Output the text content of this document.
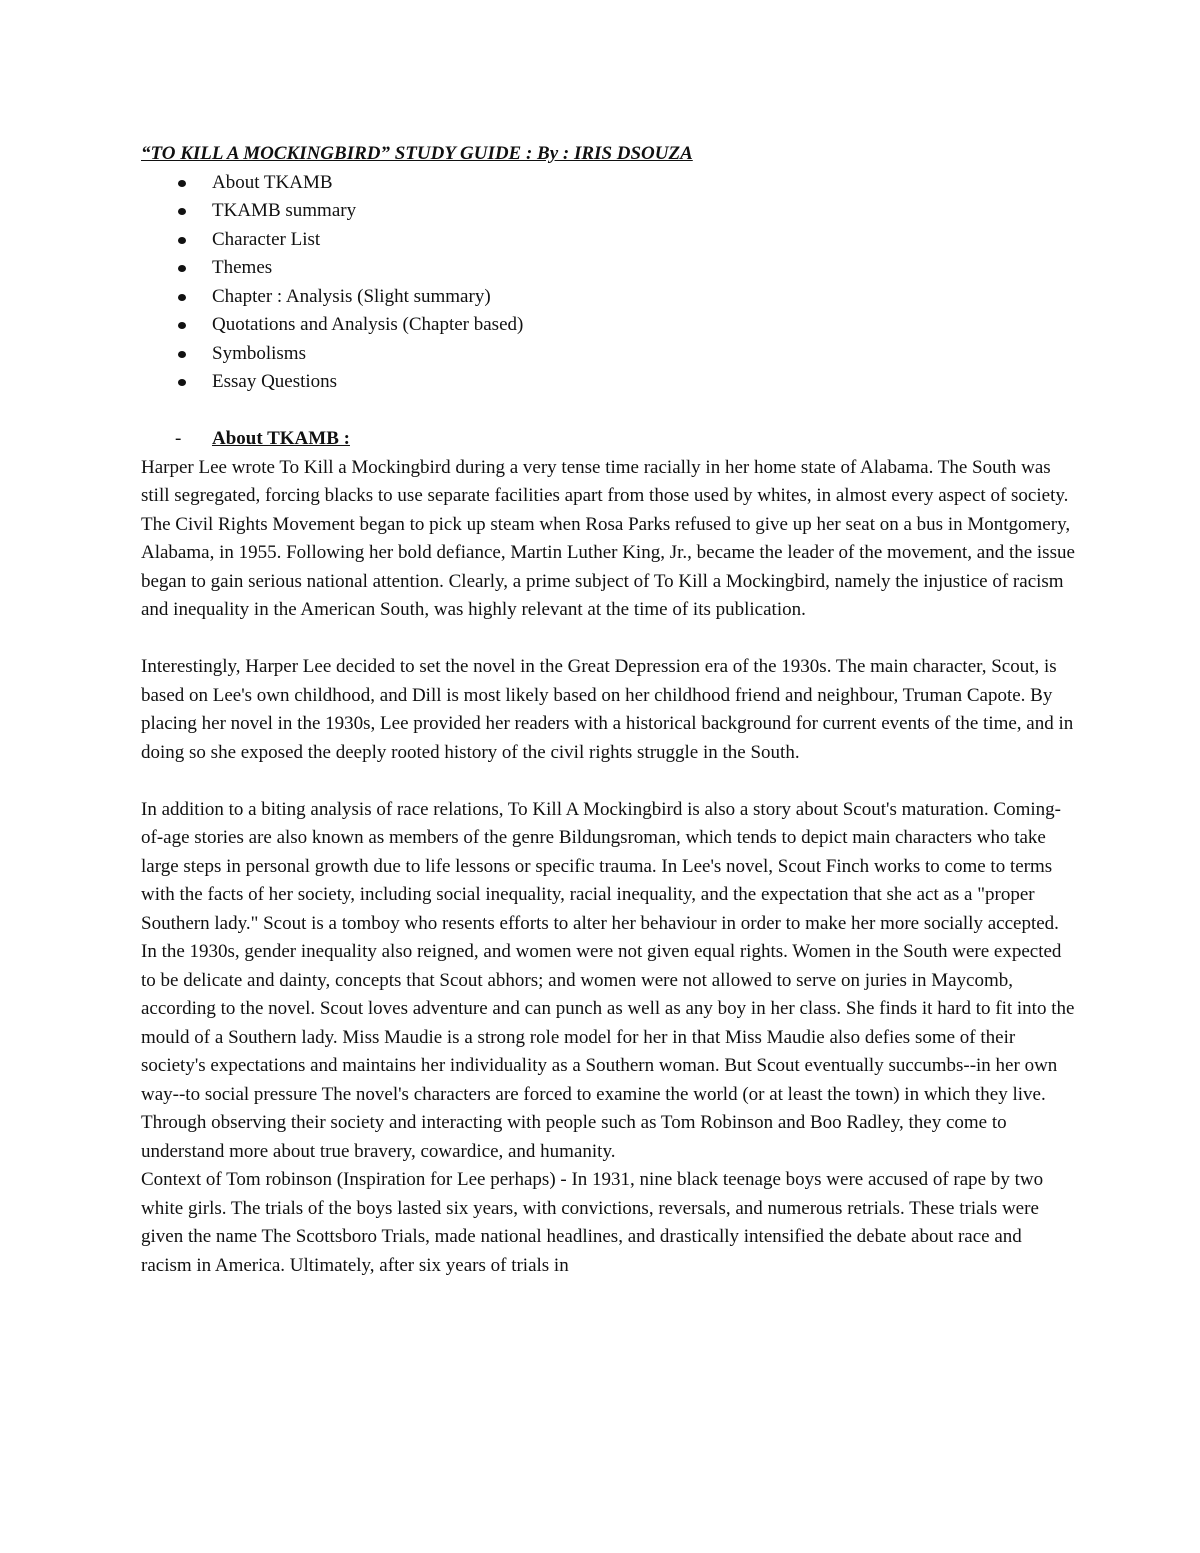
“TO KILL A MOCKINGBIRD” STUDY GUIDE : By : IRIS DSOUZA

About TKAMB
TKAMB summary
Character List
Themes
Chapter : Analysis (Slight summary)
Quotations and Analysis (Chapter based)
Symbolisms
Essay Questions
- About TKAMB :

Harper Lee wrote To Kill a Mockingbird during a very tense time racially in her home state of Alabama. The South was still segregated, forcing blacks to use separate facilities apart from those used by whites, in almost every aspect of society. The Civil Rights Movement began to pick up steam when Rosa Parks refused to give up her seat on a bus in Montgomery, Alabama, in 1955. Following her bold defiance, Martin Luther King, Jr., became the leader of the movement, and the issue began to gain serious national attention. Clearly, a prime subject of To Kill a Mockingbird, namely the injustice of racism and inequality in the American South, was highly relevant at the time of its publication.

Interestingly, Harper Lee decided to set the novel in the Great Depression era of the 1930s. The main character, Scout, is based on Lee's own childhood, and Dill is most likely based on her childhood friend and neighbour, Truman Capote. By placing her novel in the 1930s, Lee provided her readers with a historical background for current events of the time, and in doing so she exposed the deeply rooted history of the civil rights struggle in the South.

In addition to a biting analysis of race relations, To Kill A Mockingbird is also a story about Scout's maturation. Coming-of-age stories are also known as members of the genre Bildungsroman, which tends to depict main characters who take large steps in personal growth due to life lessons or specific trauma. In Lee's novel, Scout Finch works to come to terms with the facts of her society, including social inequality, racial inequality, and the expectation that she act as a "proper Southern lady." Scout is a tomboy who resents efforts to alter her behaviour in order to make her more socially accepted. In the 1930s, gender inequality also reigned, and women were not given equal rights. Women in the South were expected to be delicate and dainty, concepts that Scout abhors; and women were not allowed to serve on juries in Maycomb, according to the novel. Scout loves adventure and can punch as well as any boy in her class. She finds it hard to fit into the mould of a Southern lady. Miss Maudie is a strong role model for her in that Miss Maudie also defies some of their society's expectations and maintains her individuality as a Southern woman. But Scout eventually succumbs--in her own way--to social pressure The novel's characters are forced to examine the world (or at least the town) in which they live. Through observing their society and interacting with people such as Tom Robinson and Boo Radley, they come to understand more about true bravery, cowardice, and humanity.

Context of Tom robinson (Inspiration for Lee perhaps) - In 1931, nine black teenage boys were accused of rape by two white girls. The trials of the boys lasted six years, with convictions, reversals, and numerous retrials. These trials were given the name The Scottsboro Trials, made national headlines, and drastically intensified the debate about race and racism in America. Ultimately, after six years of trials in
